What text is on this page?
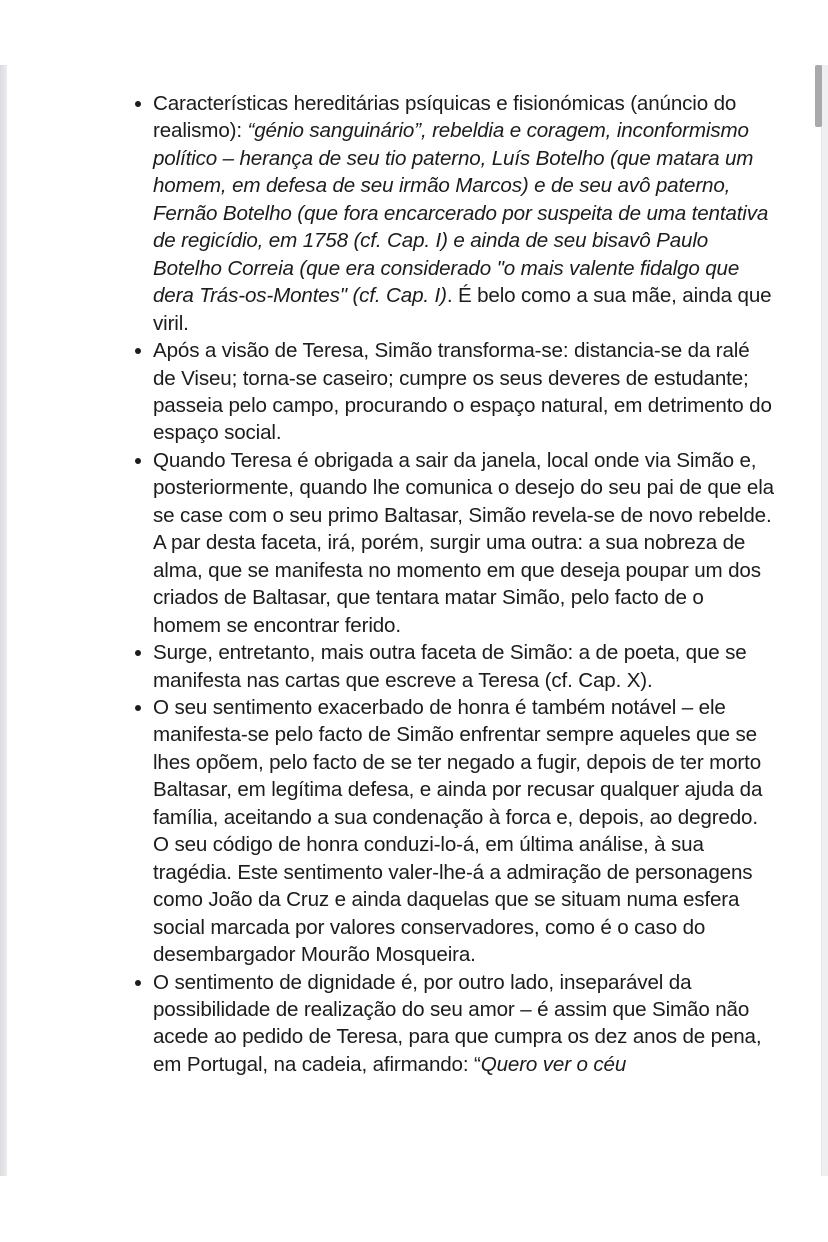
Características hereditárias psíquicas e fisionómicas (anúncio do realismo): “génio sanguinário”, rebeldia e coragem, inconformismo político – herança de seu tio paterno, Luís Botelho (que matara um homem, em defesa de seu irmão Marcos) e de seu avô paterno, Fernão Botelho (que fora encarcerado por suspeita de uma tentativa de regicídio, em 1758 (cf. Cap. I) e ainda de seu bisavô Paulo Botelho Correia (que era considerado "o mais valente fidalgo que dera Trás-os-Montes" (cf. Cap. I). É belo como a sua mãe, ainda que viril.
Após a visão de Teresa, Simão transforma-se: distancia-se da ralé de Viseu; torna-se caseiro; cumpre os seus deveres de estudante; passeia pelo campo, procurando o espaço natural, em detrimento do espaço social.
Quando Teresa é obrigada a sair da janela, local onde via Simão e, posteriormente, quando lhe comunica o desejo do seu pai de que ela se case com o seu primo Baltasar, Simão revela-se de novo rebelde. A par desta faceta, irá, porém, surgir uma outra: a sua nobreza de alma, que se manifesta no momento em que deseja poupar um dos criados de Baltasar, que tentara matar Simão, pelo facto de o homem se encontrar ferido.
Surge, entretanto, mais outra faceta de Simão: a de poeta, que se manifesta nas cartas que escreve a Teresa (cf. Cap. X).
O seu sentimento exacerbado de honra é também notável – ele manifesta-se pelo facto de Simão enfrentar sempre aqueles que se lhes opõem, pelo facto de se ter negado a fugir, depois de ter morto Baltasar, em legítima defesa, e ainda por recusar qualquer ajuda da família, aceitando a sua condenação à forca e, depois, ao degredo. O seu código de honra conduzi-lo-á, em última análise, à sua tragédia. Este sentimento valer-lhe-á a admiração de personagens como João da Cruz e ainda daquelas que se situam numa esfera social marcada por valores conservadores, como é o caso do desembargador Mourão Mosqueira.
O sentimento de dignidade é, por outro lado, inseparável da possibilidade de realização do seu amor – é assim que Simão não acede ao pedido de Teresa, para que cumpra os dez anos de pena, em Portugal, na cadeia, afirmando: “Quero ver o céu
